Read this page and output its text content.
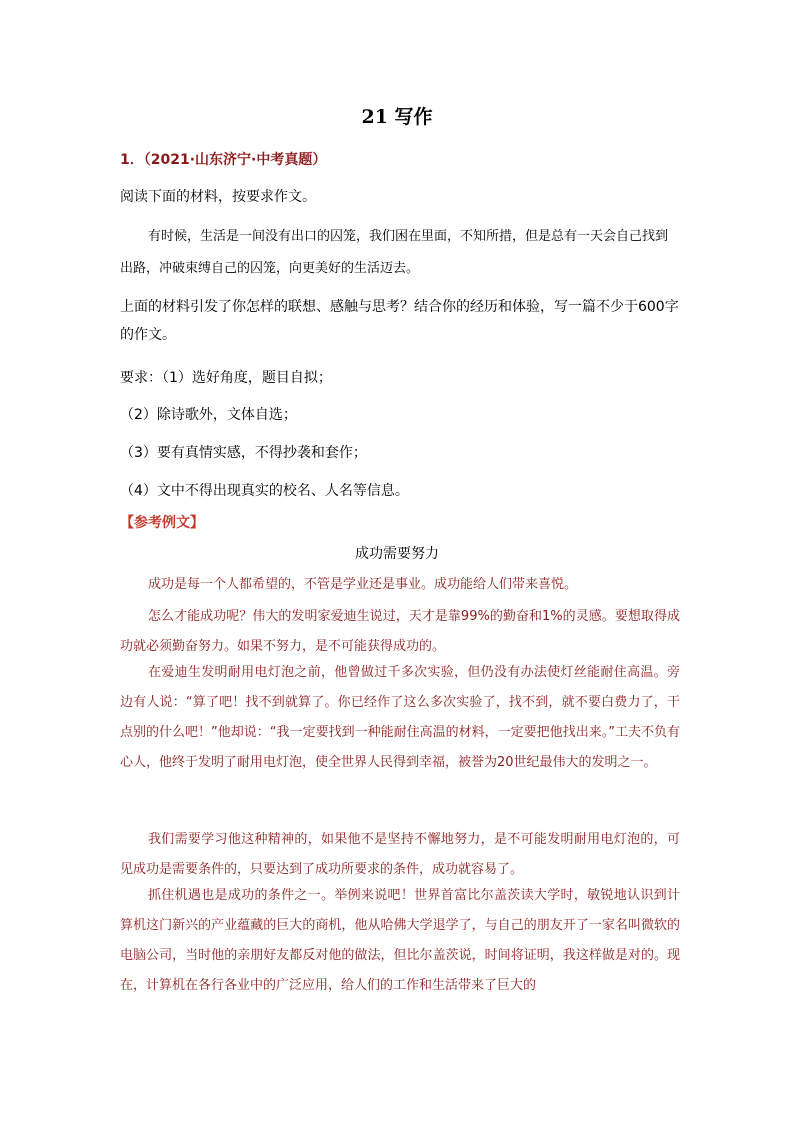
21 写作
1．（2021·山东济宁·中考真题）

阅读下面的材料，按要求作文。

有时候，生活是一间没有出口的囚笼，我们困在里面，不知所措，但是总有一天会自己找到出路，冲破束缚自己的囚笼，向更美好的生活迈去。

上面的材料引发了你怎样的联想、感触与思考？结合你的经历和体验，写一篇不少于600字的作文。

要求：（1）选好角度，题目自拟；

（2）除诗歌外，文体自选；

（3）要有真情实感，不得抄袭和套作；

（4）文中不得出现真实的校名、人名等信息。

【参考例文】
成功需要努力

成功是每一个人都希望的，不管是学业还是事业。成功能给人们带来喜悦。

怎么才能成功呢？伟大的发明家爱迪生说过，天才是靠99%的勤奋和1%的灵感。要想取得成功就必须勤奋努力。如果不努力，是不可能获得成功的。

在爱迪生发明耐用电灯泡之前，他曾做过千多次实验，但仍没有办法使灯丝能耐住高温。旁边有人说：“算了吧！找不到就算了。你已经作了这么多次实验了，找不到，就不要白费力了，干点别的什么吧！”他却说：“我一定要找到一种能耐住高温的材料，一定要把他找出来。”工夫不负有心人，他终于发明了耐用电灯泡，使全世界人民得到幸福，被誉为20世纪最伟大的发明之一。

我们需要学习他这种精神的，如果他不是坚持不懈地努力，是不可能发明耐用电灯泡的，可见成功是需要条件的，只要达到了成功所要求的条件，成功就容易了。

抓住机遇也是成功的条件之一。举例来说吧！世界首富比尔盖茨读大学时，敏锐地认识到计算机这门新兴的产业蕴藏的巨大的商机，他从哈佛大学退学了，与自己的朋友开了一家名叫微软的电脑公司，当时他的亲朋好友都反对他的做法，但比尔盖茨说，时间将证明，我这样做是对的。现在，计算机在各行各业中的广泛应用，给人们的工作和生活带来了巨大的
